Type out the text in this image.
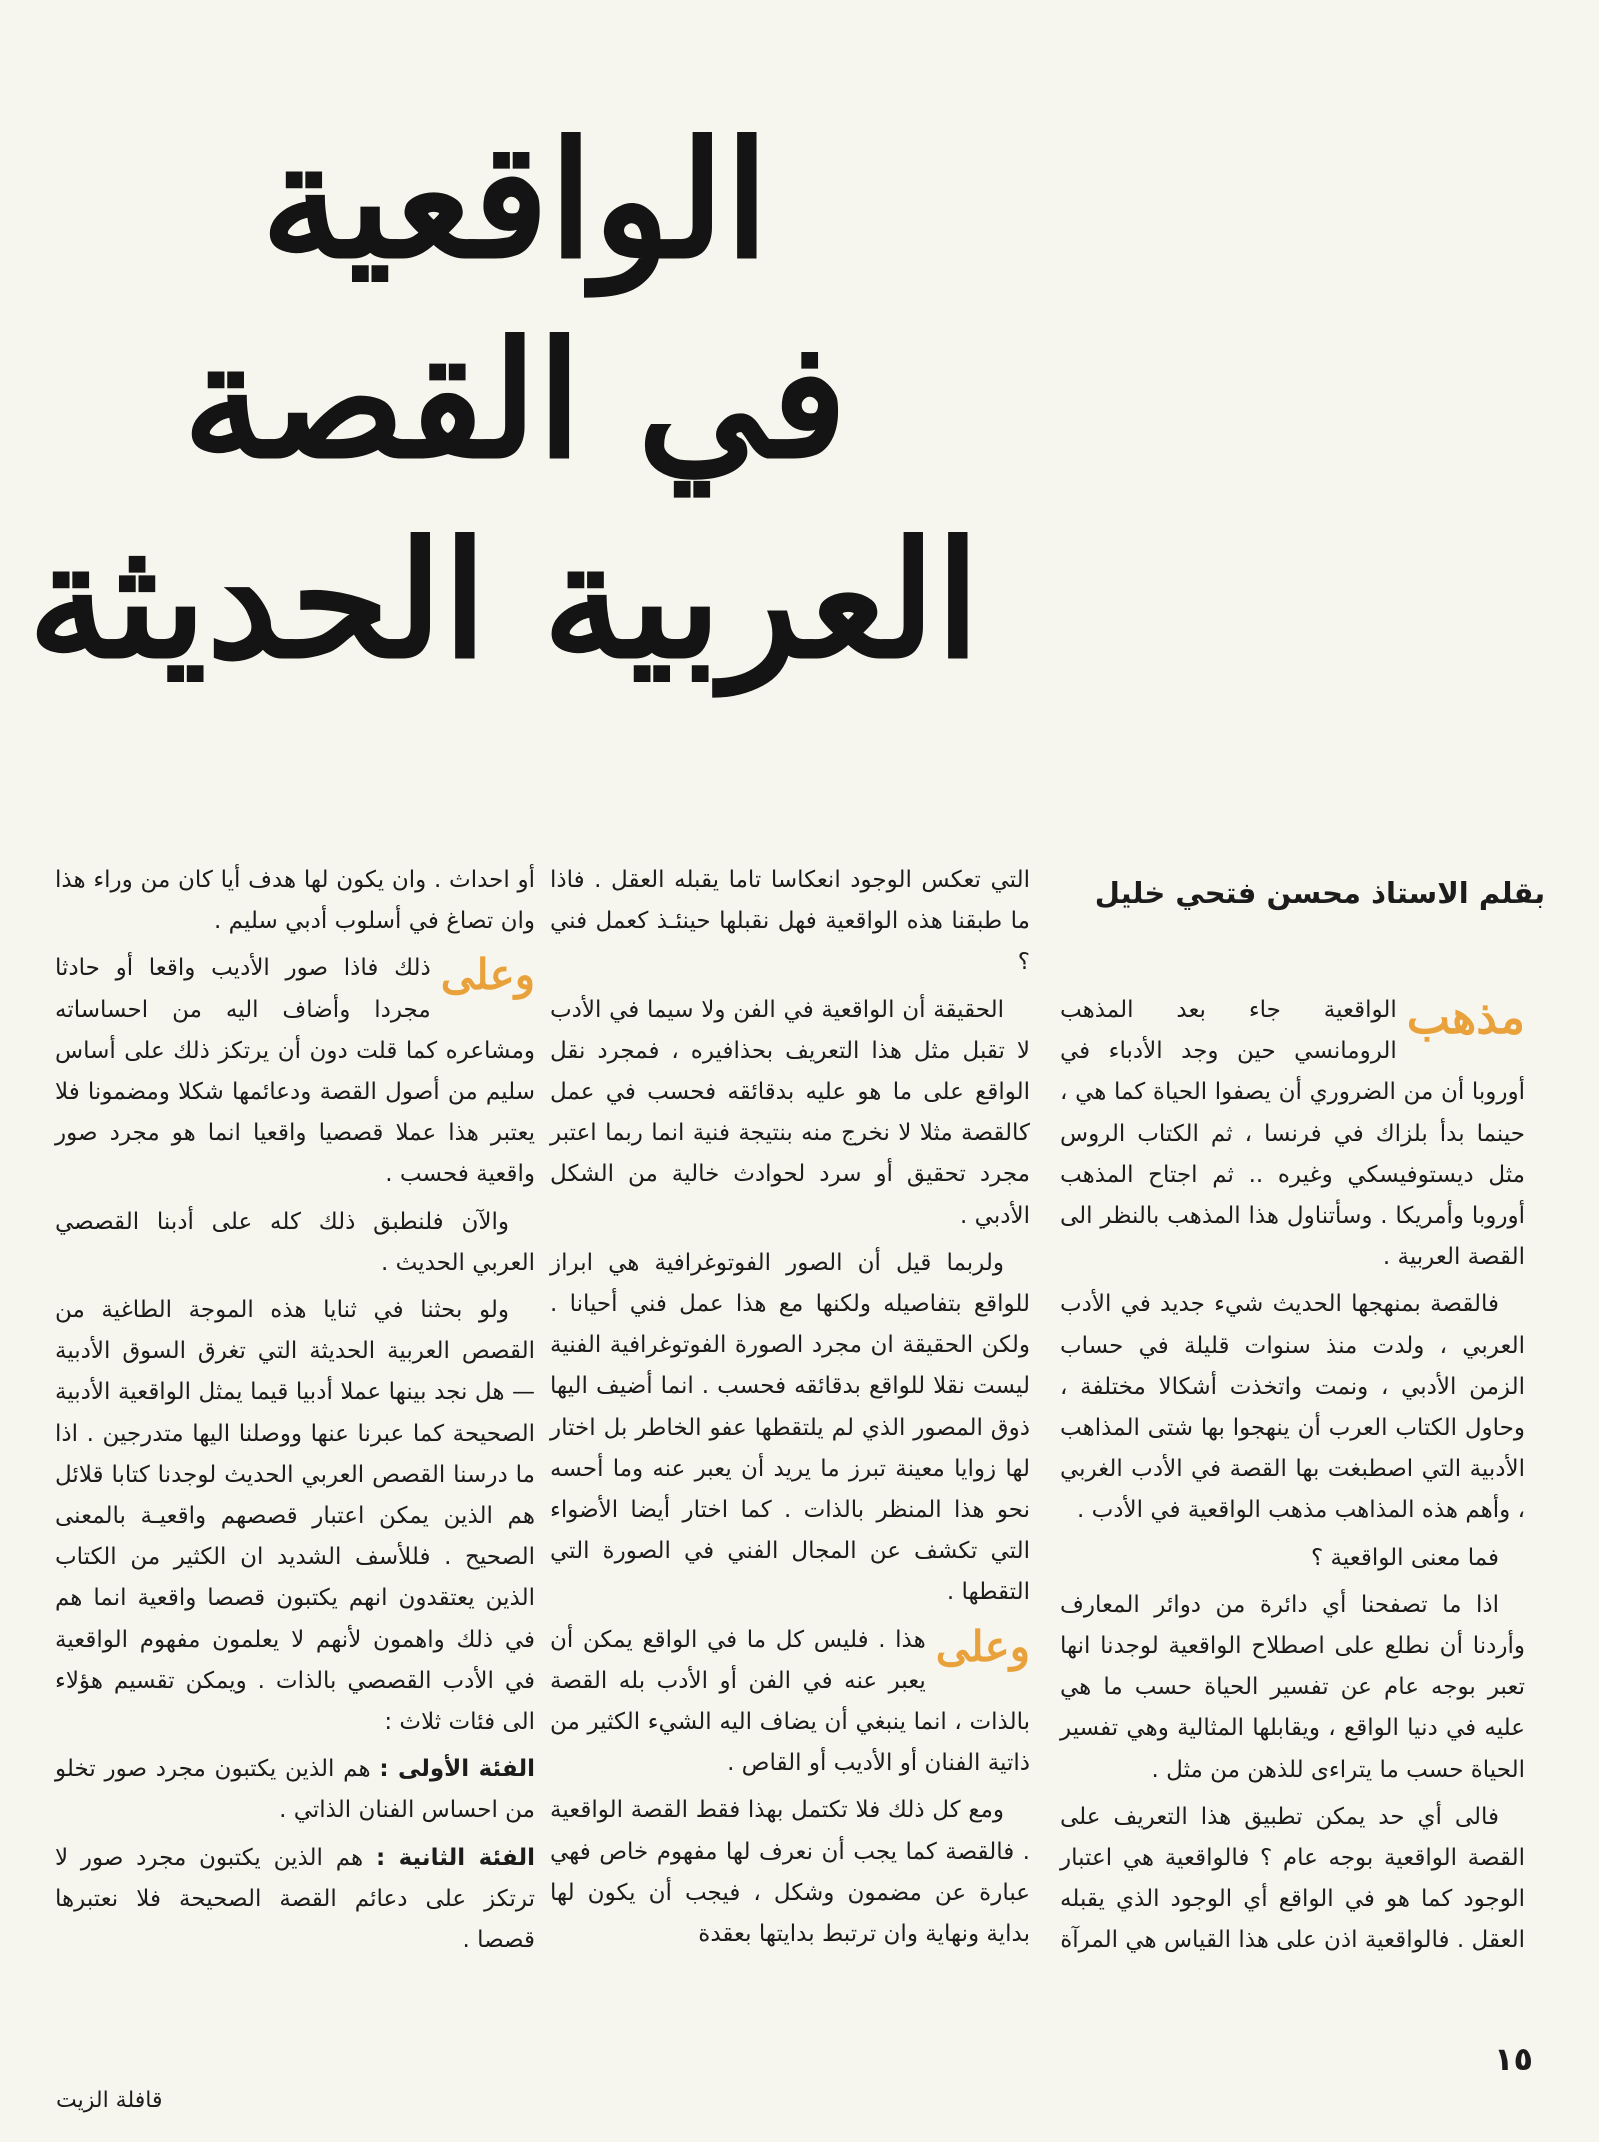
الواقعية
في القصة
العربية الحديثة
بقلم الاستاذ محسن فتحي خليل

مذهب
الواقعية جاء بعد المذهب الرومانسي حين وجد الأدباء في أوروبا أن من الضروري أن يصفوا الحياة كما هي ، حينما بدأ بلزاك في فرنسا ، ثم الكتاب الروس مثل ديستوفيسكي وغيره .. ثم اجتاح المذهب أوروبا وأمريكا . وسأتناول هذا المذهب بالنظر الى القصة العربية .

فالقصة بمنهجها الحديث شيء جديد في الأدب العربي ، ولدت منذ سنوات قليلة في حساب الزمن الأدبي ، ونمت واتخذت أشكالا مختلفة ، وحاول الكتاب العرب أن ينهجوا بها شتى المذاهب الأدبية التي اصطبغت بها القصة في الأدب الغربي ، وأهم هذه المذاهب مذهب الواقعية في الأدب .

فما معنى الواقعية ؟

اذا ما تصفحنا أي دائرة من دوائر المعارف وأردنا أن نطلع على اصطلاح الواقعية لوجدنا انها تعبر بوجه عام عن تفسير الحياة حسب ما هي عليه في دنيا الواقع ، ويقابلها المثالية وهي تفسير الحياة حسب ما يتراءى للذهن من مثل .

فالى أي حد يمكن تطبيق هذا التعريف على القصة الواقعية بوجه عام ؟ فالواقعية هي اعتبار الوجود كما هو في الواقع أي الوجود الذي يقبله العقل . فالواقعية اذن على هذا القياس هي المرآة

التي تعكس الوجود انعكاسا تاما يقبله العقل . فاذا ما طبقنا هذه الواقعية فهل نقبلها حينئـذ كعمل فني ؟

الحقيقة أن الواقعية في الفن ولا سيما في الأدب لا تقبل مثل هذا التعريف بحذافيره ، فمجرد نقل الواقع على ما هو عليه بدقائقه فحسب في عمل كالقصة مثلا لا نخرج منه بنتيجة فنية انما ربما اعتبر مجرد تحقيق أو سرد لحوادث خالية من الشكل الأدبي .

ولربما قيل أن الصور الفوتوغرافية هي ابراز للواقع بتفاصيله ولكنها مع هذا عمل فني أحيانا . ولكن الحقيقة ان مجرد الصورة الفوتوغرافية الفنية ليست نقلا للواقع بدقائقه فحسب . انما أضيف اليها ذوق المصور الذي لم يلتقطها عفو الخاطر بل اختار لها زوايا معينة تبرز ما يريد أن يعبر عنه وما أحسه نحو هذا المنظر بالذات . كما اختار أيضا الأضواء التي تكشف عن المجال الفني في الصورة التي التقطها .

وعلى
هذا . فليس كل ما في الواقع يمكن أن يعبر عنه في الفن أو الأدب بله القصة بالذات ، انما ينبغي أن يضاف اليه الشيء الكثير من ذاتية الفنان أو الأديب أو القاص .

ومع كل ذلك فلا تكتمل بهذا فقط القصة الواقعية . فالقصة كما يجب أن نعرف لها مفهوم خاص فهي عبارة عن مضمون وشكل ، فيجب أن يكون لها بداية ونهاية وان ترتبط بدايتها بعقدة

أو احداث . وان يكون لها هدف أيا كان من وراء هذا وان تصاغ في أسلوب أدبي سليم .

وعلى
ذلك فاذا صور الأديب واقعا أو حادثا مجردا وأضاف اليه من احساساته ومشاعره كما قلت دون أن يرتكز ذلك على أساس سليم من أصول القصة ودعائمها شكلا ومضمونا فلا يعتبر هذا عملا قصصيا واقعيا انما هو مجرد صور واقعية فحسب .

والآن فلنطبق ذلك كله على أدبنا القصصي العربي الحديث .

ولو بحثنا في ثنايا هذه الموجة الطاغية من القصص العربية الحديثة التي تغرق السوق الأدبية — هل نجد بينها عملا أدبيا قيما يمثل الواقعية الأدبية الصحيحة كما عبرنا عنها ووصلنا اليها متدرجين . اذا ما درسنا القصص العربي الحديث لوجدنا كتابا قلائل هم الذين يمكن اعتبار قصصهم واقعيـة بالمعنى الصحيح . فللأسف الشديد ان الكثير من الكتاب الذين يعتقدون انهم يكتبون قصصا واقعية انما هم في ذلك واهمون لأنهم لا يعلمون مفهوم الواقعية في الأدب القصصي بالذات . ويمكن تقسيم هؤلاء الى فئات ثلاث :

الفئة الأولى : هم الذين يكتبون مجرد صور تخلو من احساس الفنان الذاتي .

الفئة الثانية : هم الذين يكتبون مجرد صور لا ترتكز على دعائم القصة الصحيحة فلا نعتبرها قصصا .

١٥
قافلة الزيت
